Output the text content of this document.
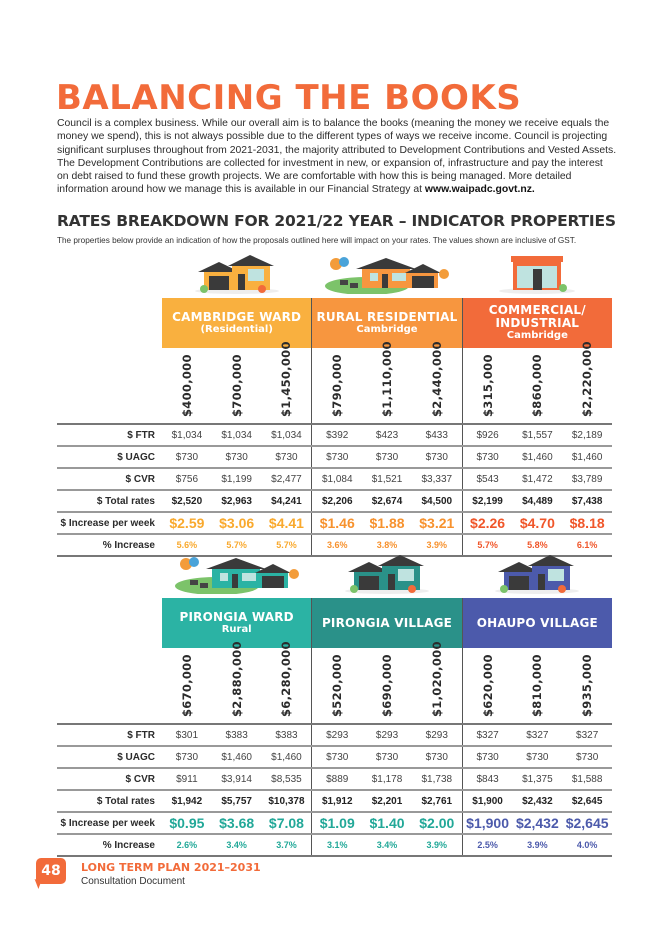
BALANCING THE BOOKS
Council is a complex business. While our overall aim is to balance the books (meaning the money we receive equals the money we spend), this is not always possible due to the different types of ways we receive income. Council is projecting significant surpluses throughout from 2021-2031, the majority attributed to Development Contributions and Vested Assets. The Development Contributions are collected for investment in new, or expansion of, infrastructure and pay the interest on debt raised to fund these growth projects. We are comfortable with how this is being managed. More detailed information around how we manage this is available in our Financial Strategy at www.waipadc.govt.nz.
RATES BREAKDOWN FOR 2021/22 YEAR – INDICATOR PROPERTIES
The properties below provide an indication of how the proposals outlined here will impact on your rates. The values shown are inclusive of GST.
CAMBRIDGE WARD
(Residential)
RURAL RESIDENTIAL
Cambridge
COMMERCIAL/ INDUSTRIAL
Cambridge
$400,000	$700,000	$1,450,000	$790,000	$1,110,000	$2,440,000	$315,000	$860,000	$2,220,000
$ FTR	$1,034	$1,034	$1,034	$392	$423	$433	$926	$1,557	$2,189
$ UAGC	$730	$730	$730	$730	$730	$730	$730	$1,460	$1,460
$ CVR	$756	$1,199	$2,477	$1,084	$1,521	$3,337	$543	$1,472	$3,789
$ Total rates	$2,520	$2,963	$4,241	$2,206	$2,674	$4,500	$2,199	$4,489	$7,438
$ Increase per week	$2.59	$3.06	$4.41	$1.46	$1.88	$3.21	$2.26	$4.70	$8.18
% Increase	5.6%	5.7%	5.7%	3.6%	3.8%	3.9%	5.7%	5.8%	6.1%
PIRONGIA WARD
Rural	PIRONGIA VILLAGE	OHAUPO VILLAGE
$670,000	$2,880,000	$6,280,000	$520,000	$690,000	$1,020,000	$620,000	$810,000	$935,000
$ FTR	$301	$383	$383	$293	$293	$293	$327	$327	$327
$ UAGC	$730	$1,460	$1,460	$730	$730	$730	$730	$730	$730
$ CVR	$911	$3,914	$8,535	$889	$1,178	$1,738	$843	$1,375	$1,588
$ Total rates	$1,942	$5,757	$10,378	$1,912	$2,201	$2,761	$1,900	$2,432	$2,645
$ Increase per week	$0.95	$3.68	$7.08	$1.09	$1.40	$2.00 $1,900 $2,432 $2,645
% Increase	2.6%	3.4%	3.7%	3.1%	3.4%	3.9%	2.5%	3.9%	4.0%
48	LONG TERM PLAN 2021–2031
Consultation Document
